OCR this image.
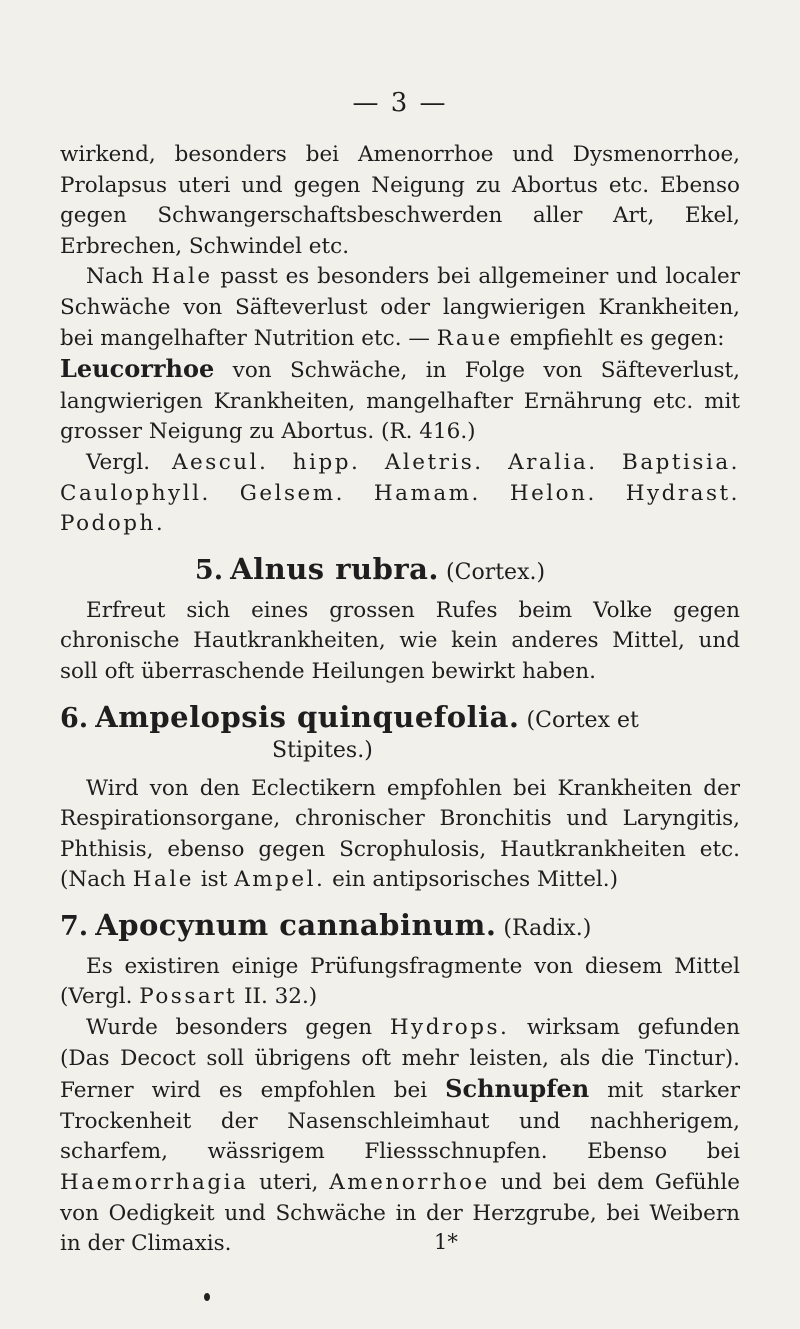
— 3 —

wirkend, besonders bei Amenorrhoe und Dysmenorrhoe, Prolapsus uteri und gegen Neigung zu Abortus etc. Ebenso gegen Schwangerschaftsbeschwerden aller Art, Ekel, Erbrechen, Schwindel etc.

Nach Hale passt es besonders bei allgemeiner und localer Schwäche von Säfteverlust oder langwierigen Krankheiten, bei mangelhafter Nutrition etc. — Raue empfiehlt es gegen:

Leucorrhoe von Schwäche, in Folge von Säfteverlust, langwierigen Krankheiten, mangelhafter Ernährung etc. mit grosser Neigung zu Abortus. (R. 416.)

Vergl. Aescul. hipp. Aletris. Aralia. Baptisia. Caulophyll. Gelsem. Hamam. Helon. Hydrast. Podoph.

5. Alnus rubra. (Cortex.)

Erfreut sich eines grossen Rufes beim Volke gegen chronische Hautkrankheiten, wie kein anderes Mittel, und soll oft überraschende Heilungen bewirkt haben.

6. Ampelopsis quinquefolia. (Cortex et
Stipites.)

Wird von den Eclectikern empfohlen bei Krankheiten der Respirationsorgane, chronischer Bronchitis und Laryngitis, Phthisis, ebenso gegen Scrophulosis, Hautkrankheiten etc. (Nach Hale ist Ampel. ein antipsorisches Mittel.)

7. Apocynum cannabinum. (Radix.)

Es existiren einige Prüfungsfragmente von diesem Mittel (Vergl. Possart II. 32.)

Wurde besonders gegen Hydrops. wirksam gefunden (Das Decoct soll übrigens oft mehr leisten, als die Tinctur). Ferner wird es empfohlen bei Schnupfen mit starker Trockenheit der Nasenschleimhaut und nachherigem, scharfem, wässrigem Fliessschnupfen. Ebenso bei Haemorrhagia uteri, Amenorrhoe und bei dem Gefühle von Oedigkeit und Schwäche in der Herzgrube, bei Weibern in der Climaxis.	1*
